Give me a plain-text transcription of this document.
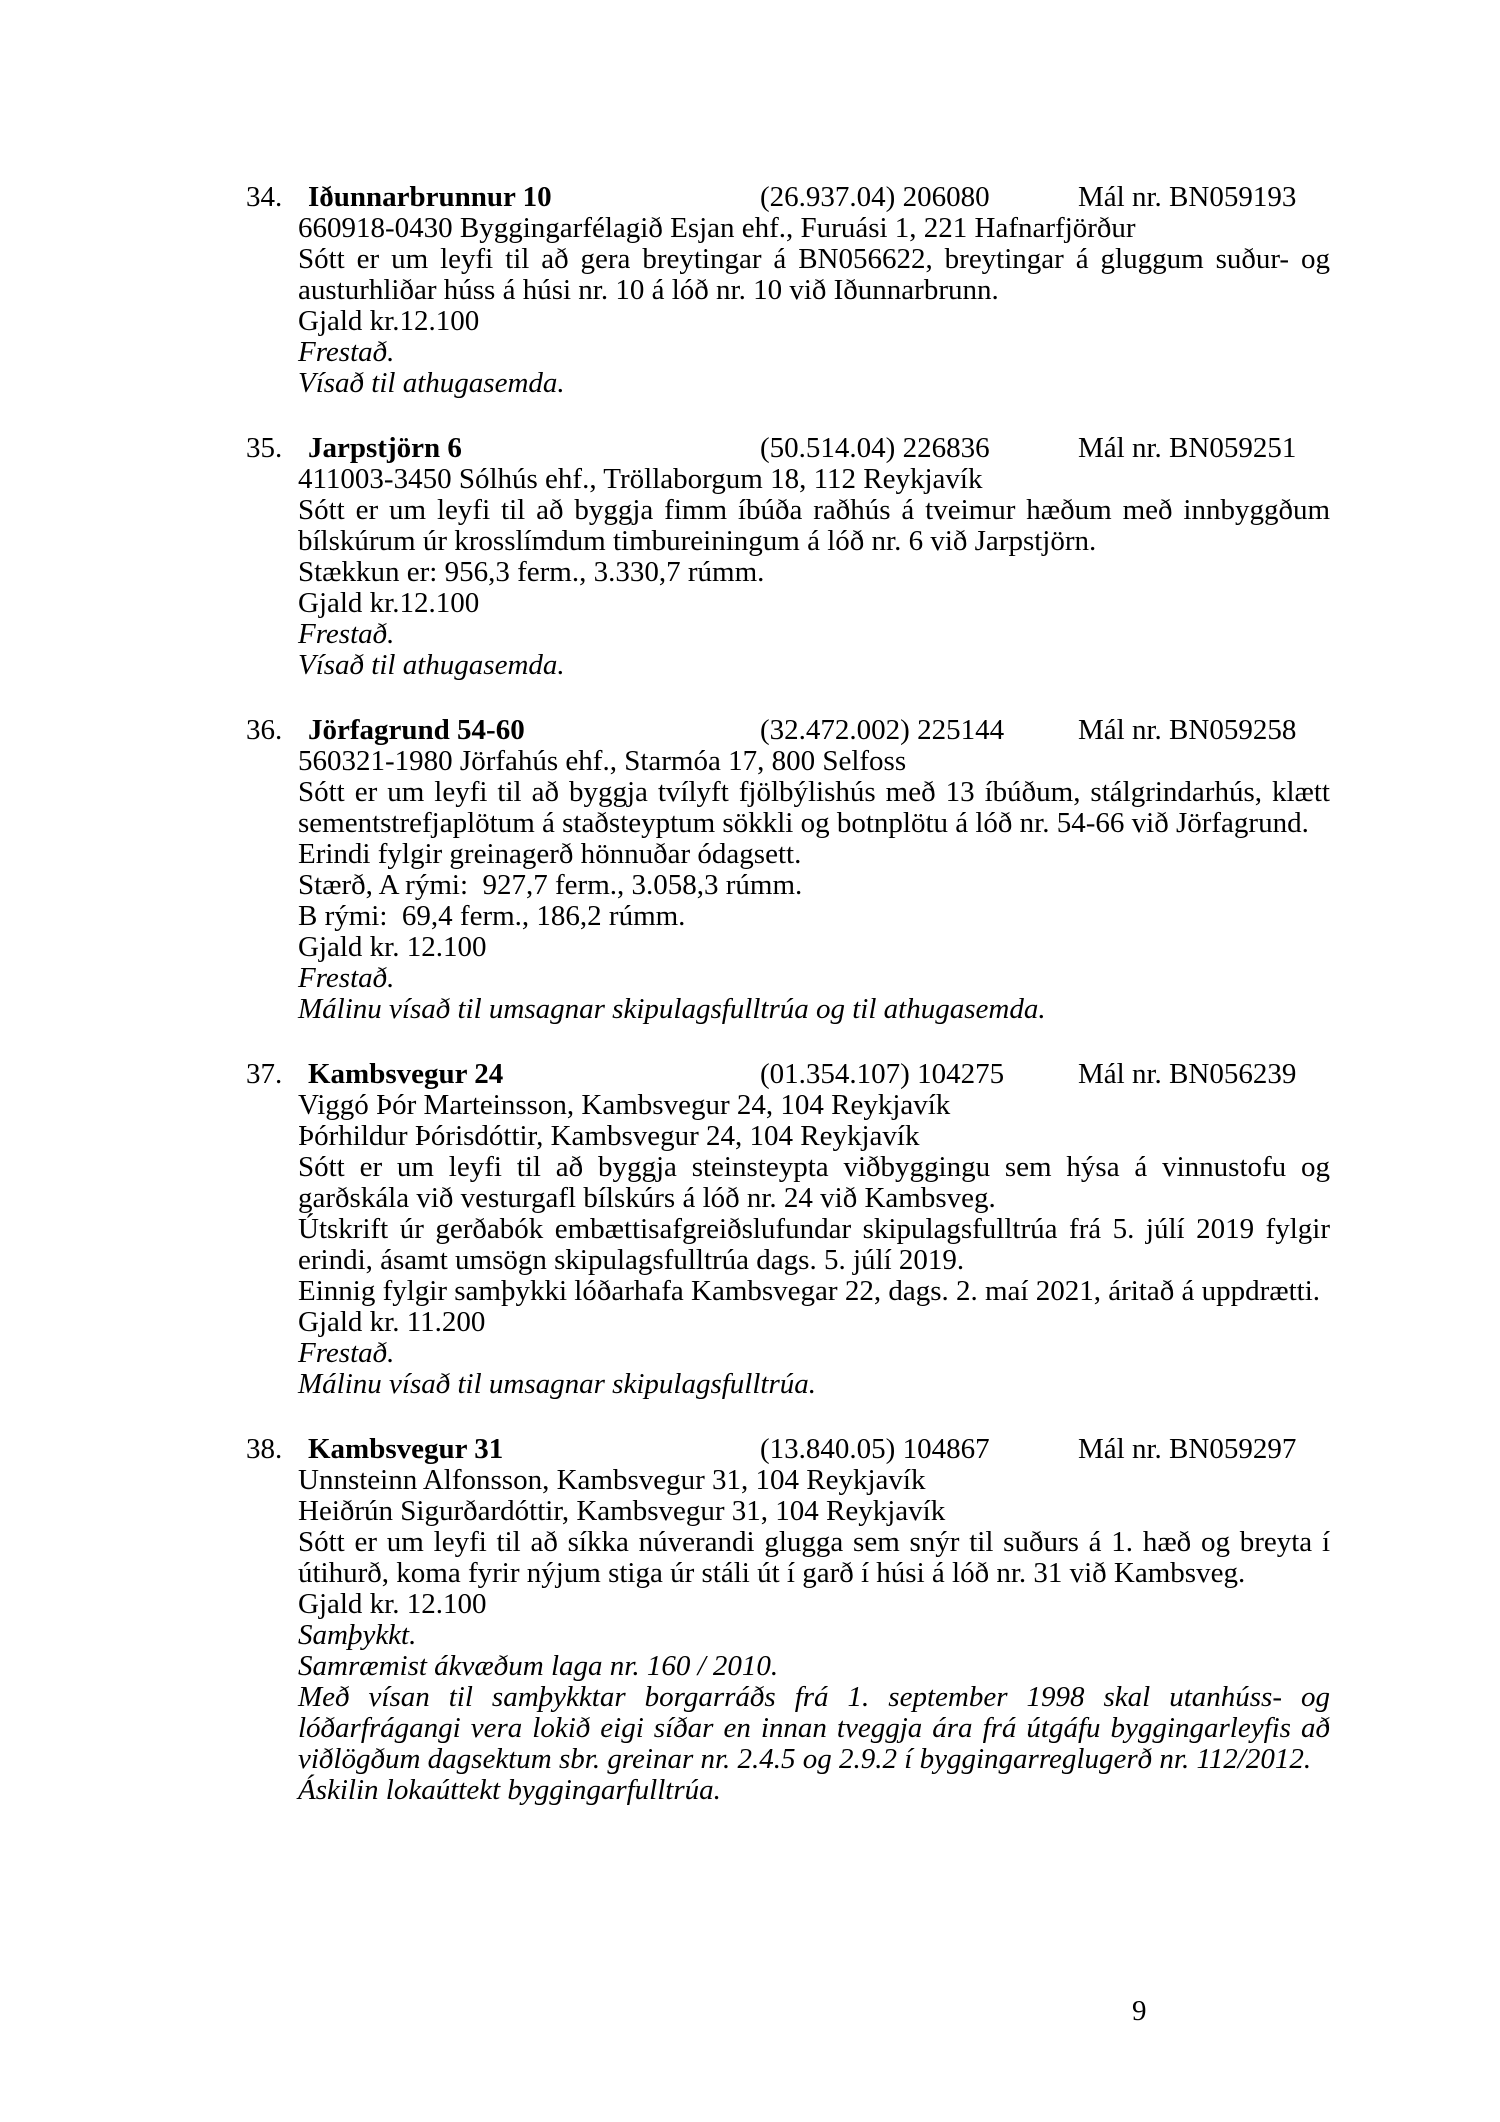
34. Iðunnarbrunnur 10	(26.937.04) 206080	Mál nr. BN059193

660918-0430 Byggingarfélagið Esjan ehf., Furuási 1, 221 Hafnarfjörður

Sótt er um leyfi til að gera breytingar á BN056622, breytingar á gluggum suður- og austurhliðar húss á húsi nr. 10 á lóð nr. 10 við Iðunnarbrunn.

Gjald kr.12.100

Frestað.

Vísað til athugasemda.

35. Jarpstjörn 6	(50.514.04) 226836	Mál nr. BN059251

411003-3450 Sólhús ehf., Tröllaborgum 18, 112 Reykjavík

Sótt er um leyfi til að byggja fimm íbúða raðhús á tveimur hæðum með innbyggðum bílskúrum úr krosslímdum timbureiningum á lóð nr. 6 við Jarpstjörn.

Stækkun er: 956,3 ferm., 3.330,7 rúmm.

Gjald kr.12.100

Frestað.

Vísað til athugasemda.

36. Jörfagrund 54-60	(32.472.002) 225144	Mál nr. BN059258

560321-1980 Jörfahús ehf., Starmóa 17, 800 Selfoss

Sótt er um leyfi til að byggja tvílyft fjölbýlishús með 13 íbúðum, stálgrindarhús, klætt sementstrefjaplötum á staðsteyptum sökkli og botnplötu á lóð nr. 54-66 við Jörfagrund.

Erindi fylgir greinagerð hönnuðar ódagsett.

Stærð, A rými:  927,7 ferm., 3.058,3 rúmm.

B rými:  69,4 ferm., 186,2 rúmm.

Gjald kr. 12.100

Frestað.

Málinu vísað til umsagnar skipulagsfulltrúa og til athugasemda.

37. Kambsvegur 24	(01.354.107) 104275	Mál nr. BN056239

Viggó Þór Marteinsson, Kambsvegur 24, 104 Reykjavík

Þórhildur Þórisdóttir, Kambsvegur 24, 104 Reykjavík

Sótt er um leyfi til að byggja steinsteypta viðbyggingu sem hýsa á vinnustofu og garðskála við vesturgafl bílskúrs á lóð nr. 24 við Kambsveg.

Útskrift úr gerðabók embættisafgreiðslufundar skipulagsfulltrúa frá 5. júlí 2019 fylgir erindi, ásamt umsögn skipulagsfulltrúa dags. 5. júlí 2019.

Einnig fylgir samþykki lóðarhafa Kambsvegar 22, dags. 2. maí 2021, áritað á uppdrætti.

Gjald kr. 11.200

Frestað.

Málinu vísað til umsagnar skipulagsfulltrúa.

38. Kambsvegur 31	(13.840.05) 104867	Mál nr. BN059297

Unnsteinn Alfonsson, Kambsvegur 31, 104 Reykjavík

Heiðrún Sigurðardóttir, Kambsvegur 31, 104 Reykjavík

Sótt er um leyfi til að síkka núverandi glugga sem snýr til suðurs á 1. hæð og breyta í útihurð, koma fyrir nýjum stiga úr stáli út í garð í húsi á lóð nr. 31 við Kambsveg.

Gjald kr. 12.100

Samþykkt.

Samræmist ákvæðum laga nr. 160 / 2010.

Með vísan til samþykktar borgarráðs frá 1. september 1998 skal utanhúss- og lóðarfrágangi vera lokið eigi síðar en innan tveggja ára frá útgáfu byggingarleyfis að viðlögðum dagsektum sbr. greinar nr. 2.4.5 og 2.9.2 í byggingarreglugerð nr. 112/2012.

Áskilin lokaúttekt byggingarfulltrúa.

9
